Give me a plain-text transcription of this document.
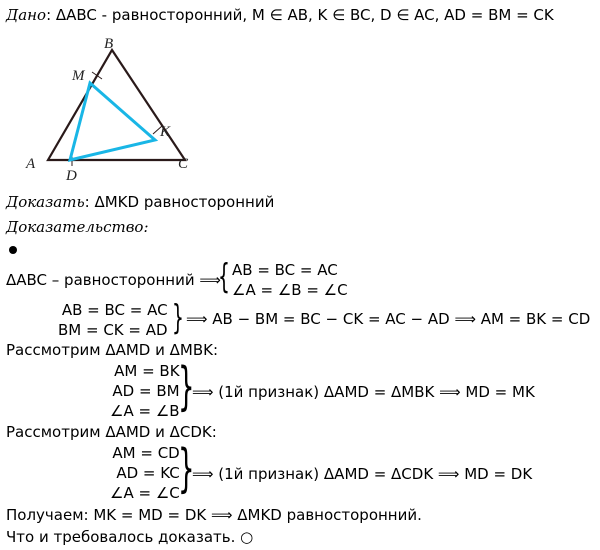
Дано: ΔABC - равносторонний, M ∈ AB, K ∈ BC, D ∈ AC, AD = BM = CK
B
M
K
A	C
D
Доказать: ΔMKD равносторонний
Доказательство:
ΔABC – равносторонний ⟹
{ AB = BC = AC
∠A = ∠B = ∠C
AB = BC = AC
BM = CK = AD } ⟹ AB − BM = BC − CK = AC − AD ⟹ AM = BK = CD
Рассмотрим ΔAMD и ΔMBK:
AM = BK
AD = BM
∠A = ∠B
}
⟹ (1й признак) ΔAMD = ΔMBK ⟹ MD = MK
Рассмотрим ΔAMD и ΔCDK:
AM = CD
AD = KC
∠A = ∠C
}
⟹ (1й признак) ΔAMD = ΔCDK ⟹ MD = DK
Получаем: MK = MD = DK ⟹ ΔMKD равносторонний.
Что и требовалось доказать. ○
